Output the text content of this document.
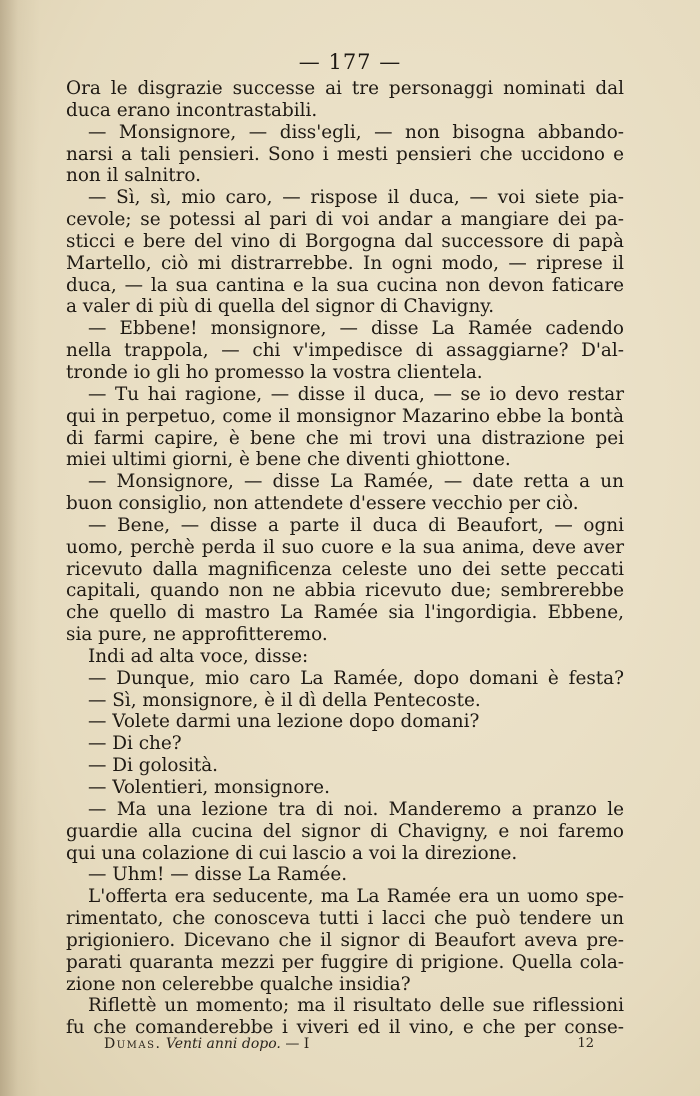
— 177 —
Ora le disgrazie successe ai tre personaggi nominati dal
duca erano incontrastabili.
— Monsignore, — diss'egli, — non bisogna abbando-
narsi a tali pensieri. Sono i mesti pensieri che uccidono e
non il salnitro.
— Sì, sì, mio caro, — rispose il duca, — voi siete pia-
cevole; se potessi al pari di voi andar a mangiare dei pa-
sticci e bere del vino di Borgogna dal successore di papà
Martello, ciò mi distrarrebbe. In ogni modo, — riprese il
duca, — la sua cantina e la sua cucina non devon faticare
a valer di più di quella del signor di Chavigny.
— Ebbene! monsignore, — disse La Ramée cadendo
nella trappola, — chi v'impedisce di assaggiarne? D'al-
tronde io gli ho promesso la vostra clientela.
— Tu hai ragione, — disse il duca, — se io devo restar
qui in perpetuo, come il monsignor Mazarino ebbe la bontà
di farmi capire, è bene che mi trovi una distrazione pei
miei ultimi giorni, è bene che diventi ghiottone.
— Monsignore, — disse La Ramée, — date retta a un
buon consiglio, non attendete d'essere vecchio per ciò.
— Bene, — disse a parte il duca di Beaufort, — ogni
uomo, perchè perda il suo cuore e la sua anima, deve aver
ricevuto dalla magnificenza celeste uno dei sette peccati
capitali, quando non ne abbia ricevuto due; sembrerebbe
che quello di mastro La Ramée sia l'ingordigia. Ebbene,
sia pure, ne approfitteremo.
Indi ad alta voce, disse:
— Dunque, mio caro La Ramée, dopo domani è festa?
— Sì, monsignore, è il dì della Pentecoste.
— Volete darmi una lezione dopo domani?
— Di che?
— Di golosità.
— Volentieri, monsignore.
— Ma una lezione tra di noi. Manderemo a pranzo le
guardie alla cucina del signor di Chavigny, e noi faremo
qui una colazione di cui lascio a voi la direzione.
— Uhm! — disse La Ramée.
L'offerta era seducente, ma La Ramée era un uomo spe-
rimentato, che conosceva tutti i lacci che può tendere un
prigioniero. Dicevano che il signor di Beaufort aveva pre-
parati quaranta mezzi per fuggire di prigione. Quella cola-
zione non celerebbe qualche insidia?
Riflettè un momento; ma il risultato delle sue riflessioni
fu che comanderebbe i viveri ed il vino, e che per conse-
Dumas. Venti anni dopo. — I	12
